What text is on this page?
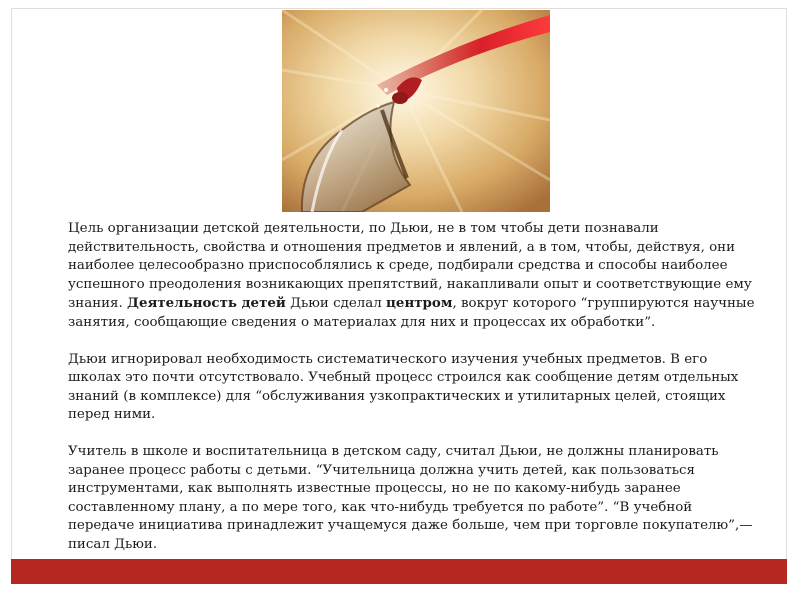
Цель организации детской деятельности, по Дьюи, не в том чтобы дети познавали действительность, свойства и отношения предметов и явлений, а в том, чтобы, действуя, они наиболее целесообразно приспособлялись к среде, подбирали средства и способы наиболее успешного преодоления возникающих препятствий, накапливали опыт и соответствующие ему знания. Деятельность детей Дьюи сделал центром, вокруг которого “группируются научные занятия, сообщающие сведения о материалах для них и процессах их обработки”.

Дьюи игнорировал необходимость систематического изучения учебных предметов. В его школах это почти отсутствовало. Учебный процесс строился как сообщение детям отдельных знаний (в комплексе) для “обслуживания узкопрактических и утилитарных целей, стоящих перед ними.

Учитель в школе и воспитательница в детском саду, считал Дьюи, не должны планировать заранее процесс работы с детьми. “Учительница должна учить детей, как пользоваться инструментами, как выполнять известные процессы, но не по какому-нибудь заранее составленному плану, а по мере того, как что-нибудь требуется по работе”. “В учебной передаче инициатива принадлежит учащемуся даже больше, чем при торговле покупателю”,— писал Дьюи.
